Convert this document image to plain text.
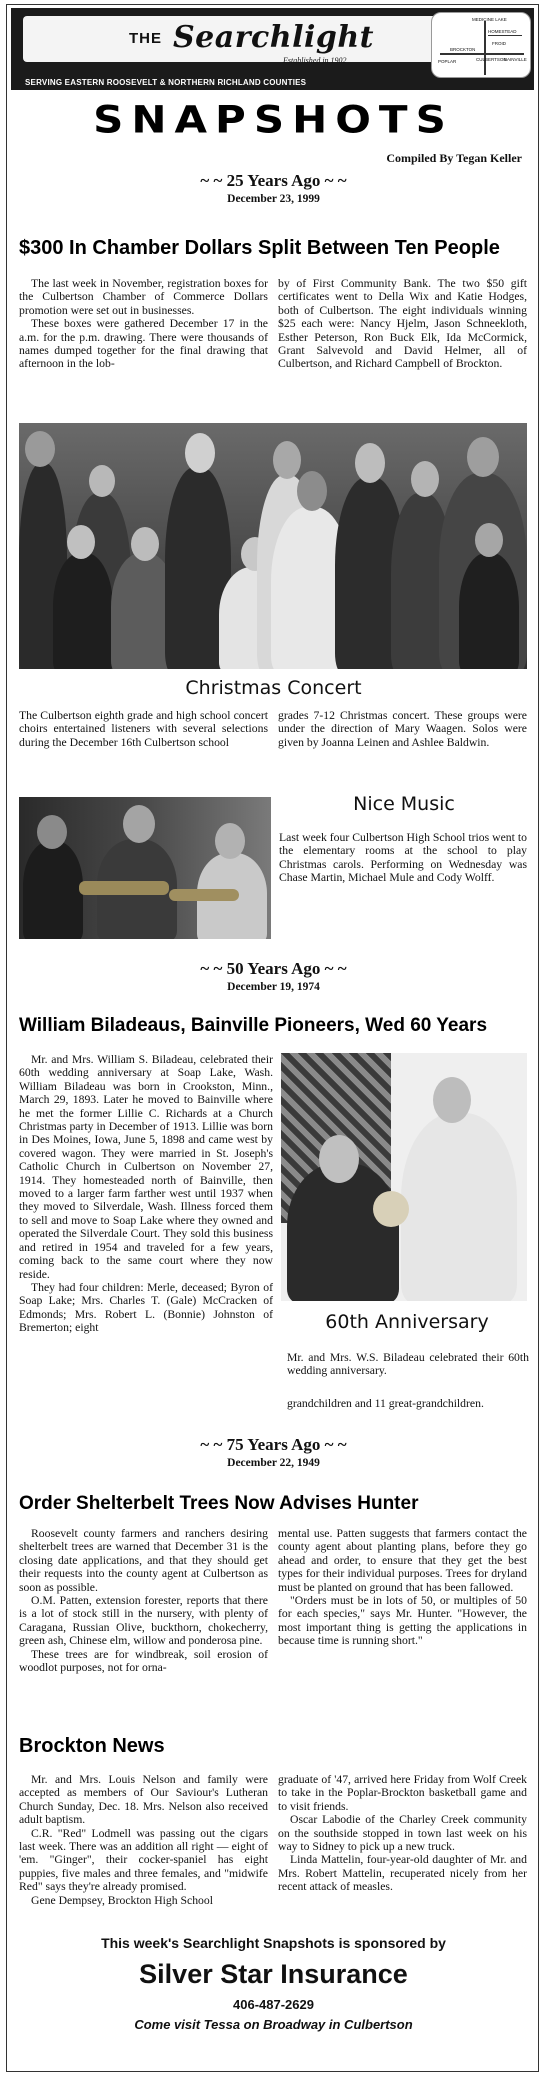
THE Searchlight
Established in 1902
SERVING EASTERN ROOSEVELT & NORTHERN RICHLAND COUNTIES
MEDICINE LAKE
HOMESTEAD
FROID
BROCKTON
CULBERTSON
BAINVILLE
POPLAR
SNAPSHOTS
Compiled By Tegan Keller
~ ~ 25 Years Ago ~ ~
December 23, 1999
$300 In Chamber Dollars Split Between Ten People

The last week in November, registration boxes for the Culbertson Chamber of Commerce Dollars promotion were set out in businesses.

These boxes were gathered December 17 in the a.m. for the p.m. drawing. There were thousands of names dumped together for the final drawing that afternoon in the lob-

by of First Community Bank. The two $50 gift certificates went to Della Wix and Katie Hodges, both of Culbertson. The eight individuals winning $25 each were: Nancy Hjelm, Jason Schneekloth, Esther Peterson, Ron Buck Elk, Ida McCormick, Grant Salvevold and David Helmer, all of Culbertson, and Richard Campbell of Brockton.

Christmas Concert

The Culbertson eighth grade and high school concert choirs entertained listeners with several selections during the December 16th Culbertson school

grades 7-12 Christmas concert. These groups were under the direction of Mary Waagen. Solos were given by Joanna Leinen and Ashlee Baldwin.

Nice Music

Last week four Culbertson High School trios went to the elementary rooms at the school to play Christmas carols. Performing on Wednesday was Chase Martin, Michael Mule and Cody Wolff.

~ ~ 50 Years Ago ~ ~
December 19, 1974
William Biladeaus, Bainville Pioneers, Wed 60 Years

Mr. and Mrs. William S. Biladeau, celebrated their 60th wedding anniversary at Soap Lake, Wash. William Biladeau was born in Crookston, Minn., March 29, 1893. Later he moved to Bainville where he met the former Lillie C. Richards at a Church Christmas party in December of 1913. Lillie was born in Des Moines, Iowa, June 5, 1898 and came west by covered wagon. They were married in St. Joseph's Catholic Church in Culbertson on November 27, 1914. They homesteaded north of Bainville, then moved to a larger farm farther west until 1937 when they moved to Silverdale, Wash. Illness forced them to sell and move to Soap Lake where they owned and operated the Silverdale Court. They sold this business and retired in 1954 and traveled for a few years, coming back to the same court where they now reside.

They had four children: Merle, deceased; Byron of Soap Lake; Mrs. Charles T. (Gale) McCracken of Edmonds; Mrs. Robert L. (Bonnie) Johnston of Bremerton; eight	60th Anniversary

Mr. and Mrs. W.S. Biladeau celebrated their 60th wedding anniversary.

grandchildren and 11 great-grandchildren.

~ ~ 75 Years Ago ~ ~
December 22, 1949
Order Shelterbelt Trees Now Advises Hunter

Roosevelt county farmers and ranchers desiring shelterbelt trees are warned that December 31 is the closing date applications, and that they should get their requests into the county agent at Culbertson as soon as possible.

O.M. Patten, extension forester, reports that there is a lot of stock still in the nursery, with plenty of Caragana, Russian Olive, buckthorn, chokecherry, green ash, Chinese elm, willow and ponderosa pine.

These trees are for windbreak, soil erosion of woodlot purposes, not for orna-

mental use. Patten suggests that farmers contact the county agent about planting plans, before they go ahead and order, to ensure that they get the best types for their individual purposes. Trees for dryland must be planted on ground that has been fallowed.

"Orders must be in lots of 50, or multiples of 50 for each species," says Mr. Hunter. "However, the most important thing is getting the applications in because time is running short."

Brockton News

Mr. and Mrs. Louis Nelson and family were accepted as members of Our Saviour's Lutheran Church Sunday, Dec. 18. Mrs. Nelson also received adult baptism.

C.R. "Red" Lodmell was passing out the cigars last week. There was an addition all right — eight of 'em. "Ginger", their cocker-spaniel has eight puppies, five males and three females, and "midwife Red" says they're already promised.

Gene Dempsey, Brockton High School

graduate of '47, arrived here Friday from Wolf Creek to take in the Poplar-Brockton basketball game and to visit friends.

Oscar Labodie of the Charley Creek community on the southside stopped in town last week on his way to Sidney to pick up a new truck.

Linda Mattelin, four-year-old daughter of Mr. and Mrs. Robert Mattelin, recuperated nicely from her recent attack of measles.

This week's Searchlight Snapshots is sponsored by
Silver Star Insurance
406-487-2629
Come visit Tessa on Broadway in Culbertson
